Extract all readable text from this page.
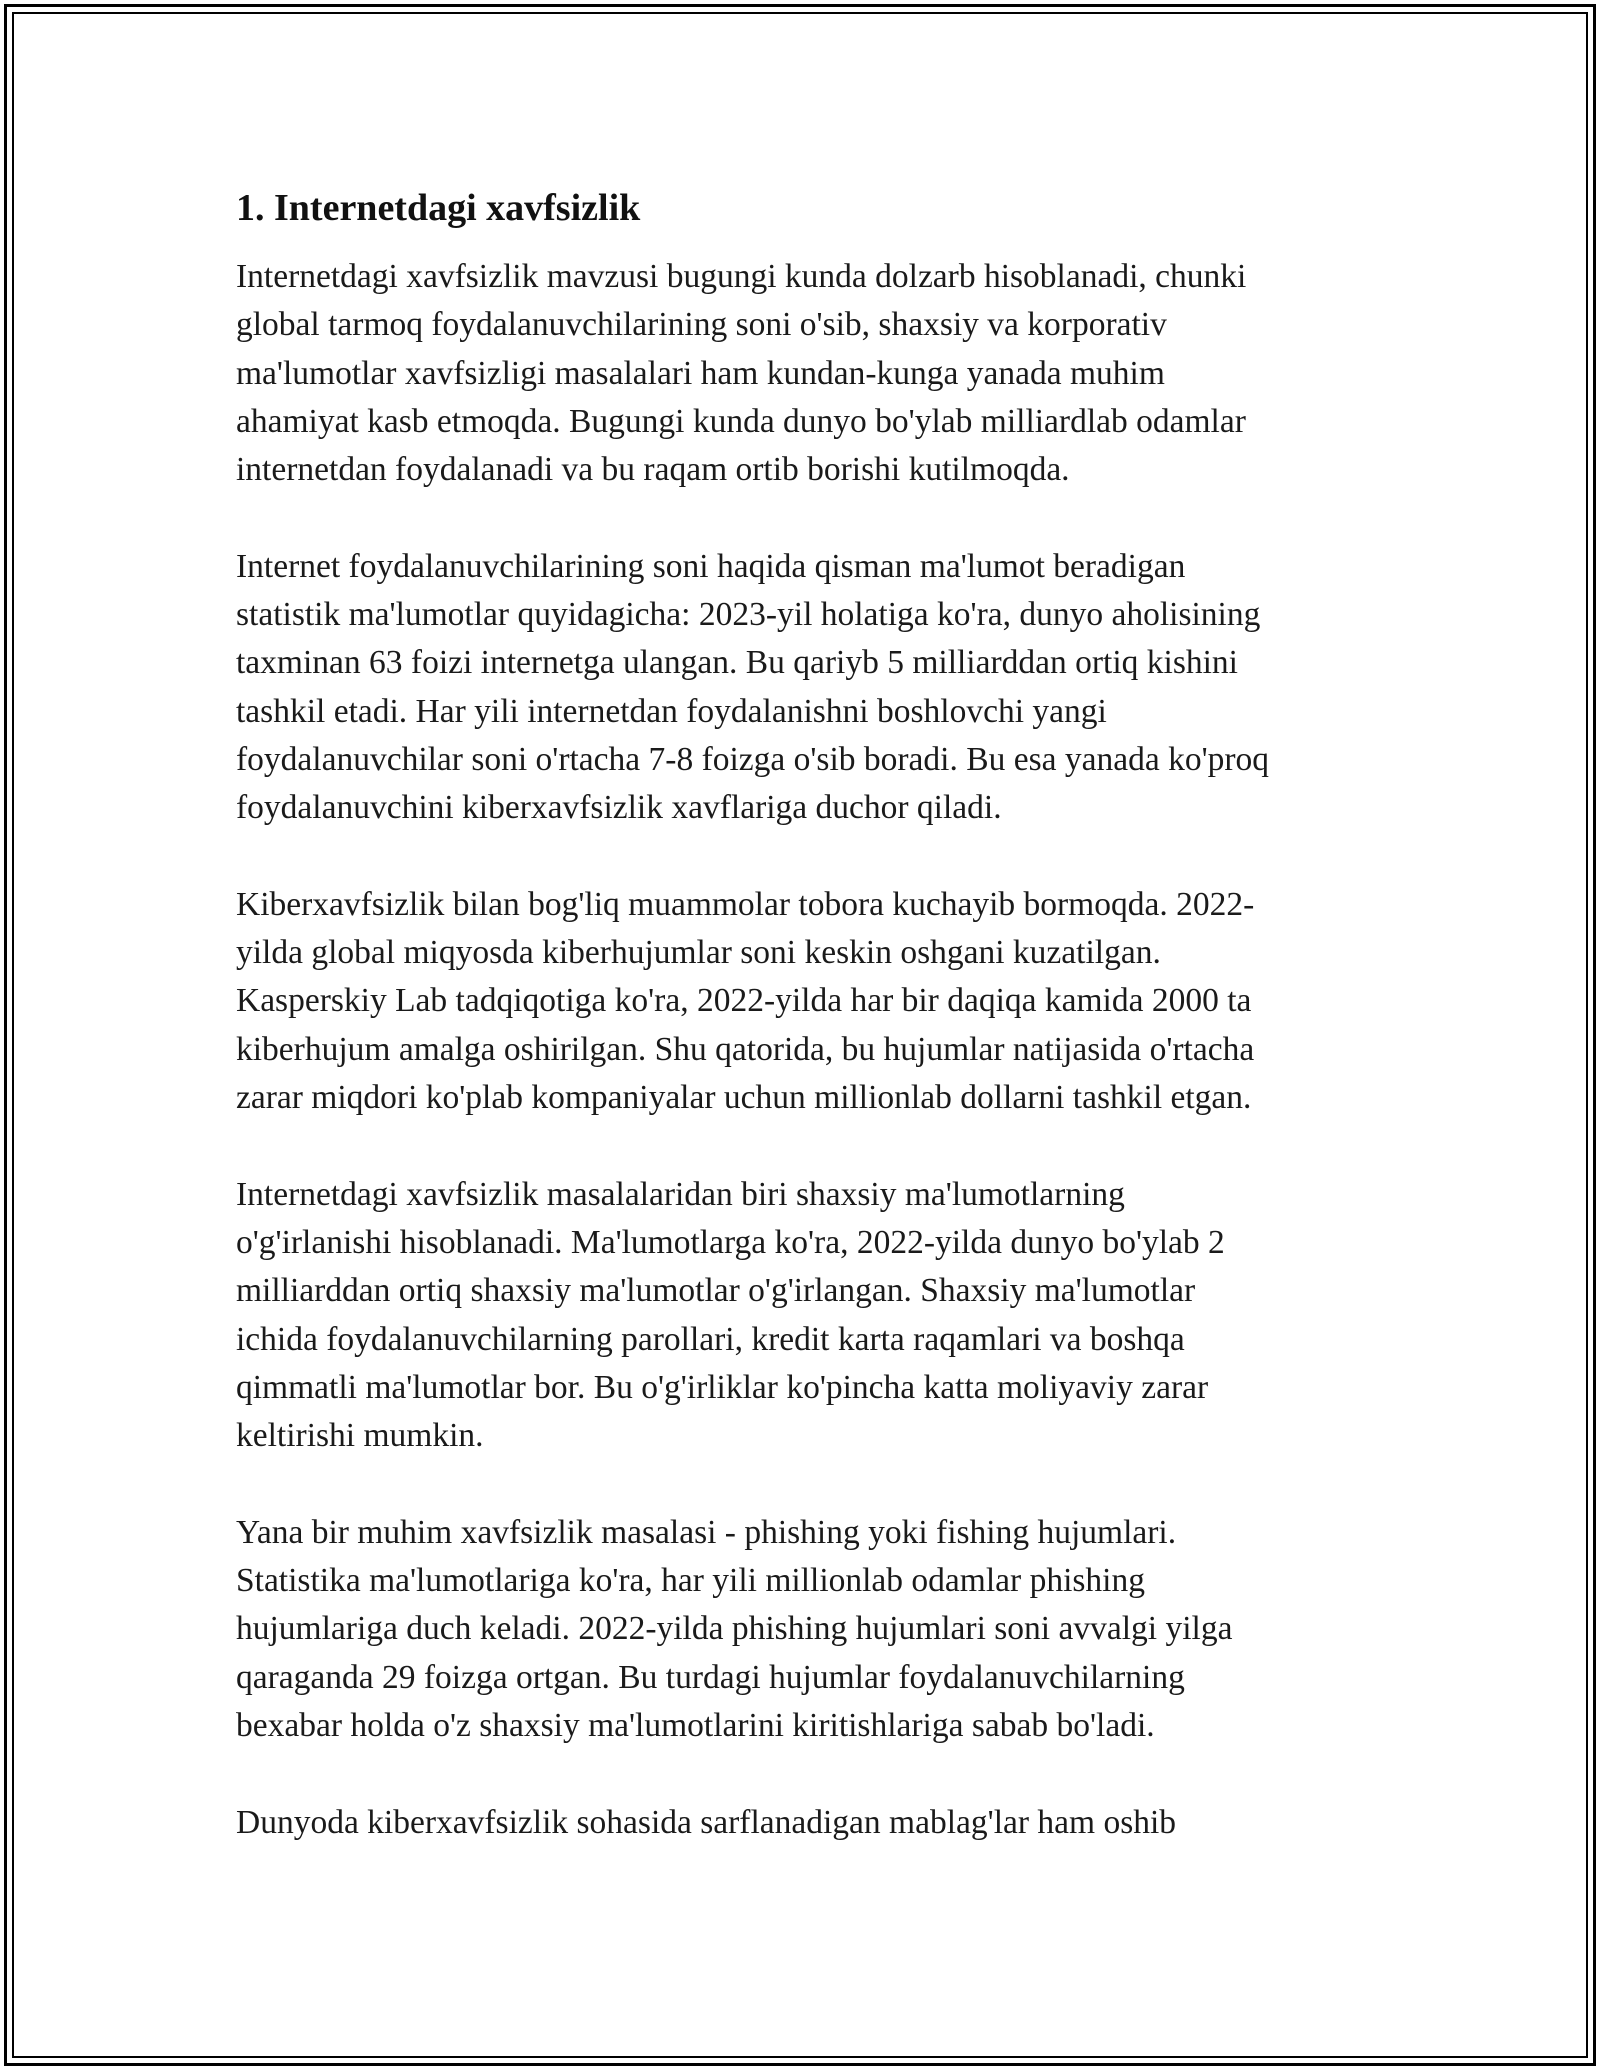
1. Internetdagi xavfsizlik

Internetdagi xavfsizlik mavzusi bugungi kunda dolzarb hisoblanadi, chunki
global tarmoq foydalanuvchilarining soni o'sib, shaxsiy va korporativ
ma'lumotlar xavfsizligi masalalari ham kundan-kunga yanada muhim
ahamiyat kasb etmoqda. Bugungi kunda dunyo bo'ylab milliardlab odamlar
internetdan foydalanadi va bu raqam ortib borishi kutilmoqda.

Internet foydalanuvchilarining soni haqida qisman ma'lumot beradigan
statistik ma'lumotlar quyidagicha: 2023-yil holatiga ko'ra, dunyo aholisining
taxminan 63 foizi internetga ulangan. Bu qariyb 5 milliarddan ortiq kishini
tashkil etadi. Har yili internetdan foydalanishni boshlovchi yangi
foydalanuvchilar soni o'rtacha 7-8 foizga o'sib boradi. Bu esa yanada ko'proq
foydalanuvchini kiberxavfsizlik xavflariga duchor qiladi.

Kiberxavfsizlik bilan bog'liq muammolar tobora kuchayib bormoqda. 2022-
yilda global miqyosda kiberhujumlar soni keskin oshgani kuzatilgan.
Kasperskiy Lab tadqiqotiga ko'ra, 2022-yilda har bir daqiqa kamida 2000 ta
kiberhujum amalga oshirilgan. Shu qatorida, bu hujumlar natijasida o'rtacha
zarar miqdori ko'plab kompaniyalar uchun millionlab dollarni tashkil etgan.

Internetdagi xavfsizlik masalalaridan biri shaxsiy ma'lumotlarning
o'g'irlanishi hisoblanadi. Ma'lumotlarga ko'ra, 2022-yilda dunyo bo'ylab 2
milliarddan ortiq shaxsiy ma'lumotlar o'g'irlangan. Shaxsiy ma'lumotlar
ichida foydalanuvchilarning parollari, kredit karta raqamlari va boshqa
qimmatli ma'lumotlar bor. Bu o'g'irliklar ko'pincha katta moliyaviy zarar
keltirishi mumkin.

Yana bir muhim xavfsizlik masalasi - phishing yoki fishing hujumlari.
Statistika ma'lumotlariga ko'ra, har yili millionlab odamlar phishing
hujumlariga duch keladi. 2022-yilda phishing hujumlari soni avvalgi yilga
qaraganda 29 foizga ortgan. Bu turdagi hujumlar foydalanuvchilarning
bexabar holda o'z shaxsiy ma'lumotlarini kiritishlariga sabab bo'ladi.

Dunyoda kiberxavfsizlik sohasida sarflanadigan mablag'lar ham oshib
